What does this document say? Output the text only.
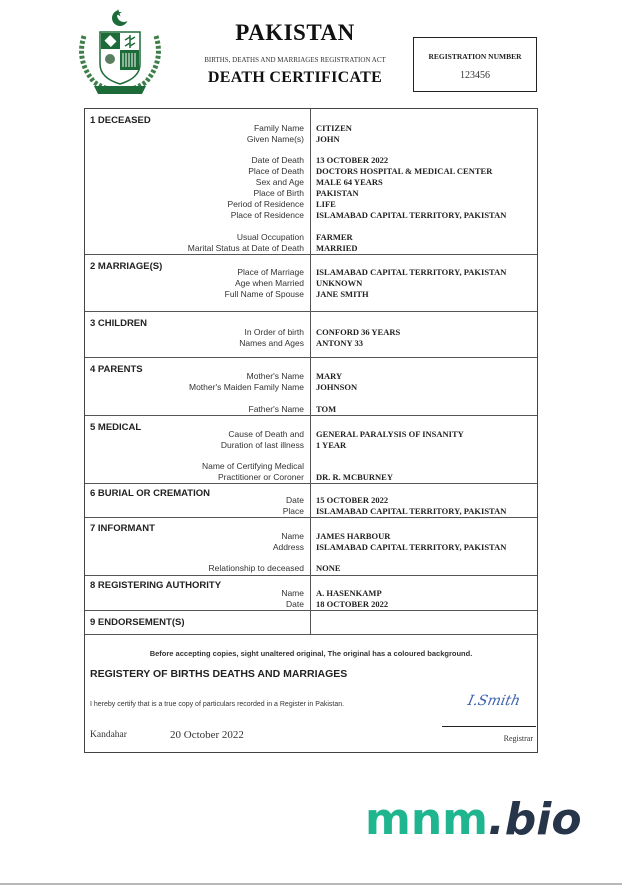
PAKISTAN
BIRTHS, DEATHS AND MARRIAGES REGISTRATION ACT
DEATH CERTIFICATE
REGISTRATION NUMBER
123456
1 DECEASED
Family Name CITIZEN
Given Name(s) JOHN
Date of Death 13 OCTOBER 2022
Place of Death DOCTORS HOSPITAL & MEDICAL CENTER
Sex and Age MALE 64 YEARS
Place of Birth PAKISTAN
Period of Residence LIFE
Place of Residence ISLAMABAD CAPITAL TERRITORY, PAKISTAN
Usual Occupation FARMER
Marital Status at Date of Death MARRIED
2 MARRIAGE(S)	Place of Marriage ISLAMABAD CAPITAL TERRITORY, PAKISTAN
Age when Married UNKNOWN
Full Name of Spouse JANE SMITH
3 CHILDREN
In Order of birth CONFORD 36 YEARS
Names and Ages ANTONY 33
4 PARENTS
Mother's Name MARY
Mother's Maiden Family Name JOHNSON
Father's Name TOM
5 MEDICAL
Cause of Death and GENERAL PARALYSIS OF INSANITY
Duration of last illness 1 YEAR
Name of Certifying Medical
Practitioner or Coroner DR. R. MCBURNEY
6 BURIAL OR CREMATION
Date 15 OCTOBER 2022
Place ISLAMABAD CAPITAL TERRITORY, PAKISTAN
7 INFORMANT
Name JAMES HARBOUR
Address ISLAMABAD CAPITAL TERRITORY, PAKISTAN
Relationship to deceased NONE
8 REGISTERING AUTHORITY
Name A. HASENKAMP
Date 18 OCTOBER 2022
9 ENDORSEMENT(S)
Before accepting copies, sight unaltered original, The original has a coloured background.
REGISTERY OF BIRTHS DEATHS AND MARRIAGES
I hereby certify that is a true copy of particulars recorded in a Register in Pakistan.
Kandahar	20 October 2022
I.Smith
Registrar
mnm.bio
